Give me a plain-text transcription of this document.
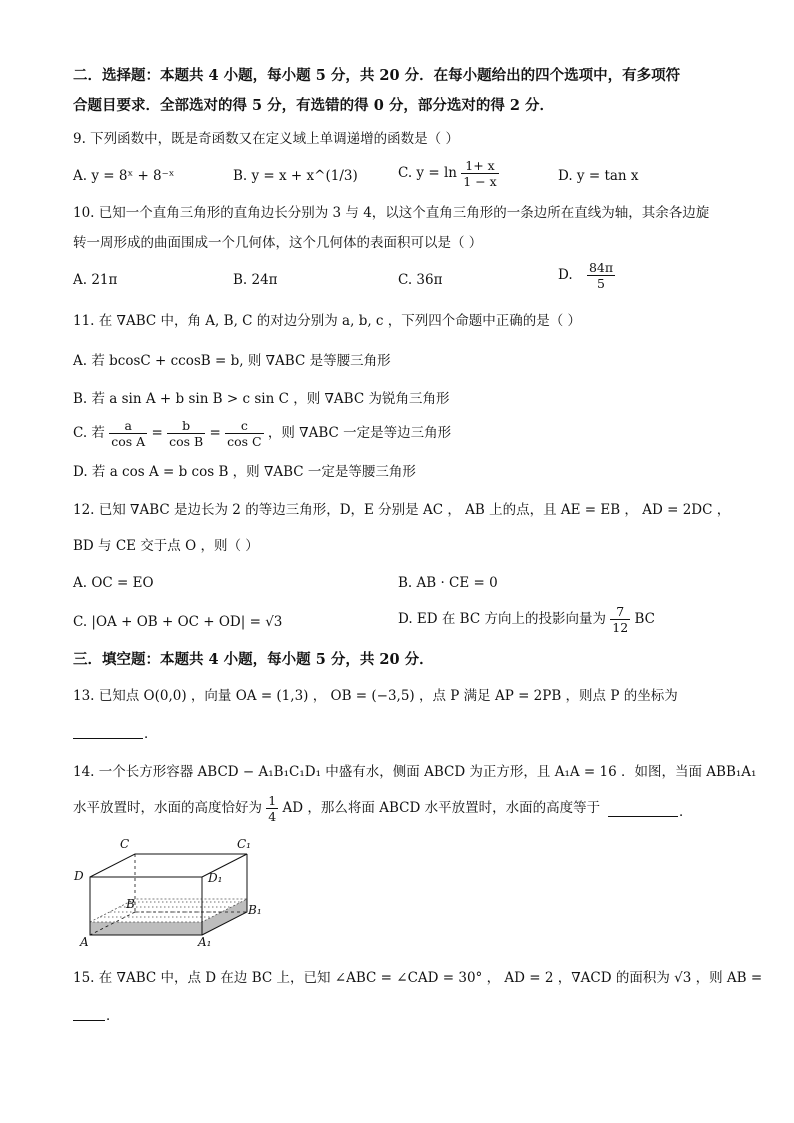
二．选择题：本题共 4 小题，每小题 5 分，共 20 分．在每小题给出的四个选项中，有多项符
合题目要求．全部选对的得 5 分，有选错的得 0 分，部分选对的得 2 分．
9. 下列函数中，既是奇函数又在定义域上单调递增的函数是（ ）
A. y = 8ˣ + 8⁻ˣ	B. y = x + x^(1/3)	C. $y = \ln \frac{1+ x}{1 - x}$	D. y = tan x
10. 已知一个直角三角形的直角边长分别为 3 与 4，以这个直角三角形的一条边所在直线为轴，其余各边旋
转一周形成的曲面围成一个几何体，这个几何体的表面积可以是（ ）
A. 21π	B. 24π	C. 36π	D. $\frac{84\pi}{5}$
11. 在 ∇ABC 中，角 A, B, C 的对边分别为 a, b, c ，下列四个命题中正确的是（ ）
A. 若 bcosC + ccosB = b, 则 ∇ABC 是等腰三角形
B. 若 a sin A + b sin B > c sin C ，则 ∇ABC 为锐角三角形
C. 若 $\frac{a}{\text{cos A}} = \frac{b}{\text{cos B}} = \frac{c}{\text{cos C}}$ ，则 ∇ABC 一定是等边三角形
D. 若 a cos A = b cos B ，则 ∇ABC 一定是等腰三角形
12. 已知 ∇ABC 是边长为 2 的等边三角形，D，E 分别是 AC ， AB 上的点，且 AE = EB ， AD = 2DC ，
BD 与 CE 交于点 O ，则（ ）
A. OC = EO	B. AB · CE = 0
C. |OA + OB + OC + OD| = √3	D. ED 在 BC 方向上的投影向量为 $\frac{7}{12}$ BC
三．填空题：本题共 4 小题，每小题 5 分，共 20 分．
13. 已知点 O(0,0) ，向量 OA = (1,3) ， OB = (−3,5) ，点 P 满足 AP = 2PB ，则点 P 的坐标为
．
14. 一个长方形容器 ABCD − A₁B₁C₁D₁ 中盛有水，侧面 ABCD 为正方形，且 A₁A = 16 ．如图，当面 ABB₁A₁
水平放置时，水面的高度恰好为 $\frac{1}{4}$ AD ，那么将面 ABCD 水平放置时，水面的高度等于	．
C	C₁
D	D₁
B	B₁
A	A₁
15. 在 ∇ABC 中，点 D 在边 BC 上，已知 ∠ABC = ∠CAD = 30° ， AD = 2 ，∇ACD 的面积为 √3 ，则 AB =
．
